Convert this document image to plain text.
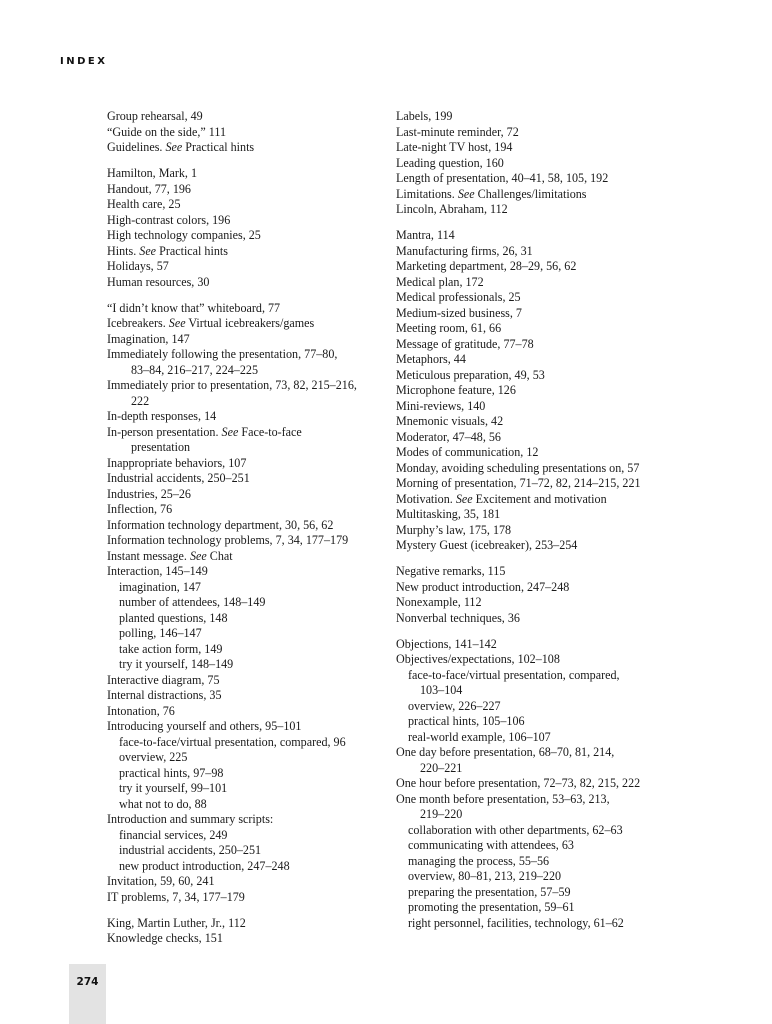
INDEX
Group rehearsal, 49
“Guide on the side,” 111
Guidelines. See Practical hints
Hamilton, Mark, 1
Handout, 77, 196
Health care, 25
High-contrast colors, 196
High technology companies, 25
Hints. See Practical hints
Holidays, 57
Human resources, 30
“I didn’t know that” whiteboard, 77
Icebreakers. See Virtual icebreakers/games
Imagination, 147
Immediately following the presentation, 77–80,
83–84, 216–217, 224–225
Immediately prior to presentation, 73, 82, 215–216,
222
In-depth responses, 14
In-person presentation. See Face-to-face
presentation
Inappropriate behaviors, 107
Industrial accidents, 250–251
Industries, 25–26
Inflection, 76
Information technology department, 30, 56, 62
Information technology problems, 7, 34, 177–179
Instant message. See Chat
Interaction, 145–149
imagination, 147
number of attendees, 148–149
planted questions, 148
polling, 146–147
take action form, 149
try it yourself, 148–149
Interactive diagram, 75
Internal distractions, 35
Intonation, 76
Introducing yourself and others, 95–101
face-to-face/virtual presentation, compared, 96
overview, 225
practical hints, 97–98
try it yourself, 99–101
what not to do, 88
Introduction and summary scripts:
financial services, 249
industrial accidents, 250–251
new product introduction, 247–248
Invitation, 59, 60, 241
IT problems, 7, 34, 177–179
King, Martin Luther, Jr., 112
Knowledge checks, 151
Labels, 199
Last-minute reminder, 72
Late-night TV host, 194
Leading question, 160
Length of presentation, 40–41, 58, 105, 192
Limitations. See Challenges/limitations
Lincoln, Abraham, 112
Mantra, 114
Manufacturing firms, 26, 31
Marketing department, 28–29, 56, 62
Medical plan, 172
Medical professionals, 25
Medium-sized business, 7
Meeting room, 61, 66
Message of gratitude, 77–78
Metaphors, 44
Meticulous preparation, 49, 53
Microphone feature, 126
Mini-reviews, 140
Mnemonic visuals, 42
Moderator, 47–48, 56
Modes of communication, 12
Monday, avoiding scheduling presentations on, 57
Morning of presentation, 71–72, 82, 214–215, 221
Motivation. See Excitement and motivation
Multitasking, 35, 181
Murphy’s law, 175, 178
Mystery Guest (icebreaker), 253–254
Negative remarks, 115
New product introduction, 247–248
Nonexample, 112
Nonverbal techniques, 36
Objections, 141–142
Objectives/expectations, 102–108
face-to-face/virtual presentation, compared,
103–104
overview, 226–227
practical hints, 105–106
real-world example, 106–107
One day before presentation, 68–70, 81, 214,
220–221
One hour before presentation, 72–73, 82, 215, 222
One month before presentation, 53–63, 213,
219–220
collaboration with other departments, 62–63
communicating with attendees, 63
managing the process, 55–56
overview, 80–81, 213, 219–220
preparing the presentation, 57–59
promoting the presentation, 59–61
right personnel, facilities, technology, 61–62
274
